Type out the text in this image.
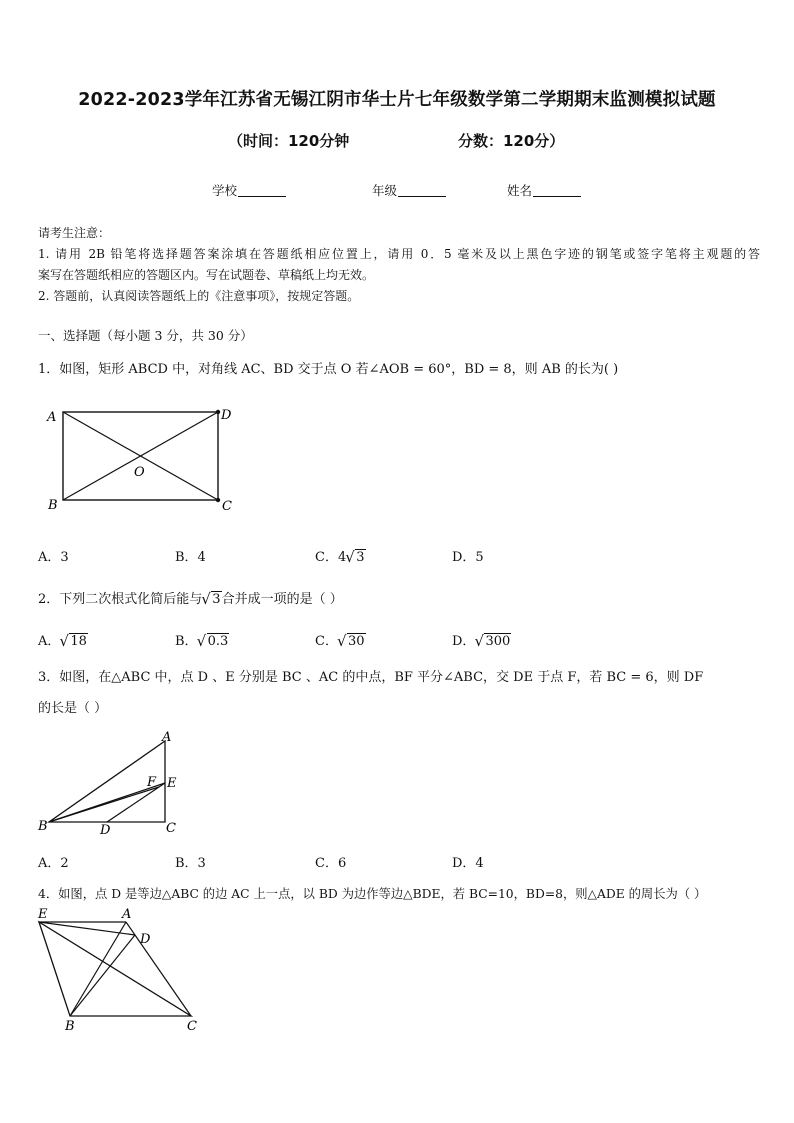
2022-2023学年江苏省无锡江阴市华士片七年级数学第二学期期末监测模拟试题
（时间：120分钟	分数：120分）
学校	年级	姓名
请考生注意：
1. 请用 2B 铅笔将选择题答案涂填在答题纸相应位置上，请用 0．5 毫米及以上黑色字迹的钢笔或签字笔将主观题的答
案写在答题纸相应的答题区内。写在试题卷、草稿纸上均无效。
2. 答题前，认真阅读答题纸上的《注意事项》，按规定答题。
一、选择题（每小题 3 分，共 30 分）
1．如图，矩形 ABCD 中，对角线 AC、BD 交于点 O 若∠AOB = 60°，BD = 8，则 AB 的长为( )
A	D
B	C
O
A．3	B．4	C．4 √ 3	D．5
2．下列二次根式化简后能与 √ 3合并成一项的是（ ）
A． √ 18	B． √ 0.3	C． √ 30	D． √ 300
3．如图，在△ABC 中，点 D 、E 分别是 BC 、AC 的中点，BF 平分∠ABC，交 DE 于点 F，若 BC = 6，则 DF
的长是（ ）
A
B	C
D
E
F
A．2	B．3	C．6	D．4
4．如图，点 D 是等边△ABC 的边 AC 上一点，以 BD 为边作等边△BDE，若 BC=10，BD=8，则△ADE 的周长为（ ）
E	A
D
B	C
